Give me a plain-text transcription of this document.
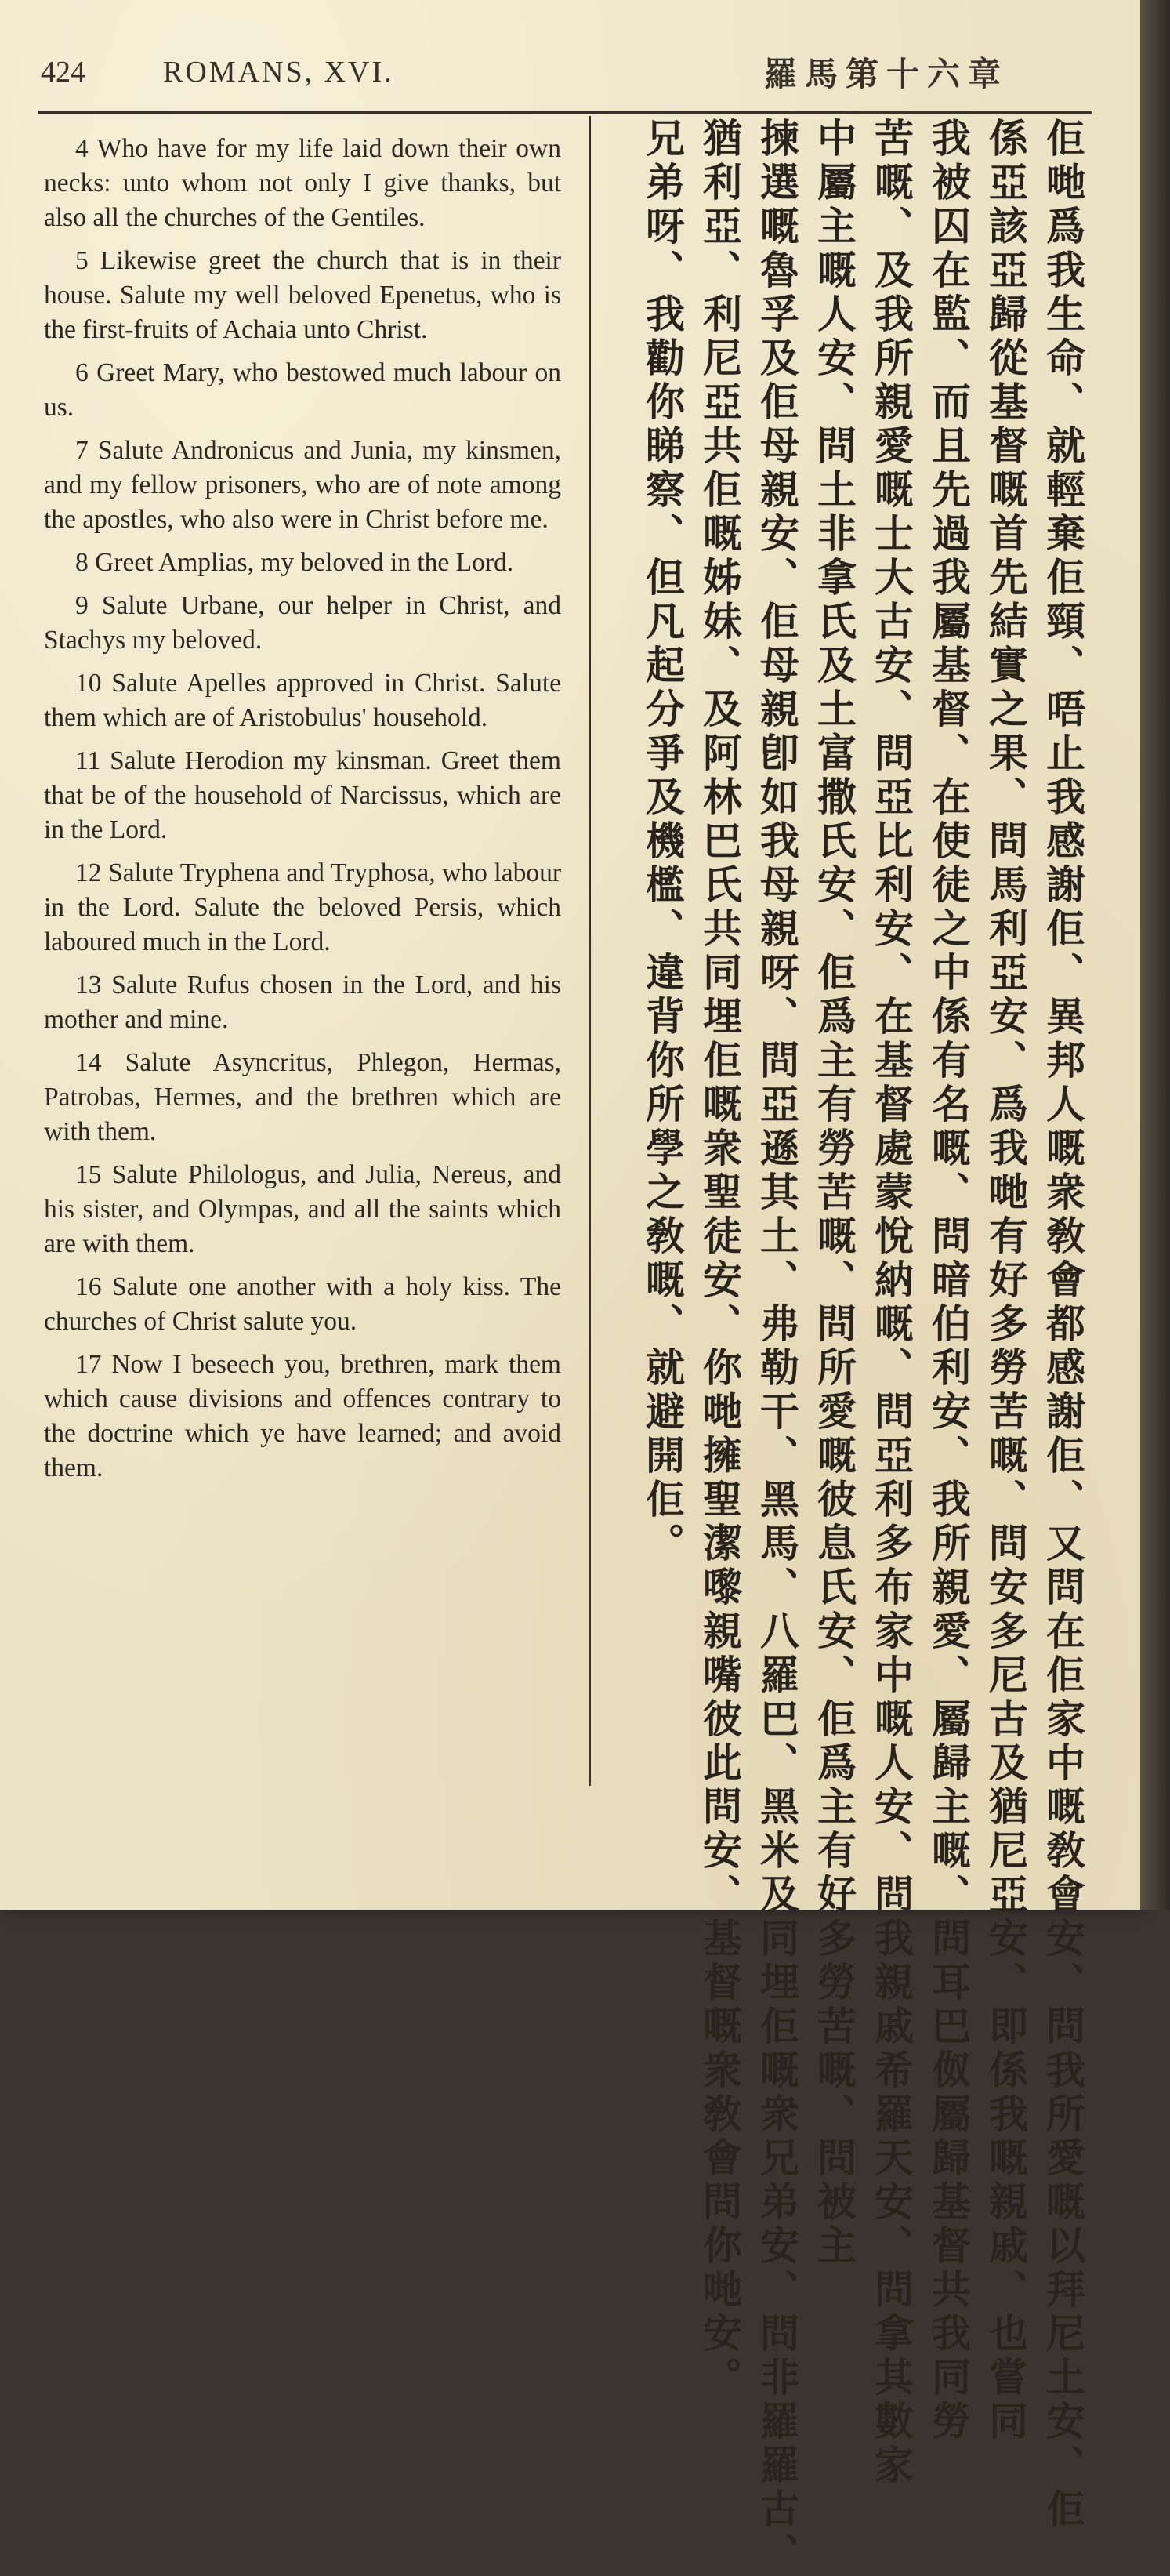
424	ROMANS, XVI.	羅馬第十六章

4 Who have for my life laid down their own necks: unto whom not only I give thanks, but also all the churches of the Gentiles.

5 Likewise greet the church that is in their house. Salute my well beloved Epenetus, who is the first-fruits of Achaia unto Christ.

6 Greet Mary, who bestowed much labour on us.

7 Salute Andronicus and Junia, my kinsmen, and my fellow prisoners, who are of note among the apostles, who also were in Christ before me.

8 Greet Amplias, my beloved in the Lord.

9 Salute Urbane, our helper in Christ, and Stachys my beloved.

10 Salute Apelles approved in Christ. Salute them which are of Aristobulus' household.

11 Salute Herodion my kinsman. Greet them that be of the household of Narcissus, which are in the Lord.

12 Salute Tryphena and Tryphosa, who labour in the Lord. Salute the beloved Persis, which laboured much in the Lord.

13 Salute Rufus chosen in the Lord, and his mother and mine.

14 Salute Asyncritus, Phlegon, Hermas, Patrobas, Hermes, and the brethren which are with them.

15 Salute Philologus, and Julia, Nereus, and his sister, and Olympas, and all the saints which are with them.

16 Salute one another with a holy kiss. The churches of Christ salute you.

17 Now I beseech you, brethren, mark them which cause divisions and offences contrary to the doctrine which ye have learned; and avoid them.	佢哋爲我生命、就輕棄佢頸、唔止我感謝佢、異邦人嘅衆敎會都感謝佢、又問在佢家中嘅敎會安、問我所愛嘅以拜尼土安、佢
係亞該亞歸從基督嘅首先結實之果、問馬利亞安、爲我哋有好多勞苦嘅、問安多尼古及猶尼亞安、即係我嘅親戚、也嘗同
我被囚在監、而且先過我屬基督、在使徒之中係有名嘅、問暗伯利安、我所親愛、屬歸主嘅、問耳巴伮屬歸基督共我同勞
苦嘅、及我所親愛嘅士大古安、問亞比利安、在基督處蒙悅納嘅、問亞利多布家中嘅人安、問我親戚希羅天安、問拿其數家
中屬主嘅人安、問土非拿氏及土富撒氏安、佢爲主有勞苦嘅、問所愛嘅彼息氏安、佢爲主有好多勞苦嘅、問被主
揀選嘅魯孚及佢母親安、佢母親卽如我母親呀、問亞遜其土、弗勒干、黑馬、八羅巴、黑米及同埋佢嘅衆兄弟安、問非羅羅古、
猶利亞、利尼亞共佢嘅姊妹、及阿林巴氏共同埋佢嘅衆聖徒安、你哋擁聖潔嚟親嘴彼此問安、基督嘅衆敎會問你哋安。
兄弟呀、我勸你睇察、但凡起分爭及機檻、違背你所學之敎嘅、就避開佢。
